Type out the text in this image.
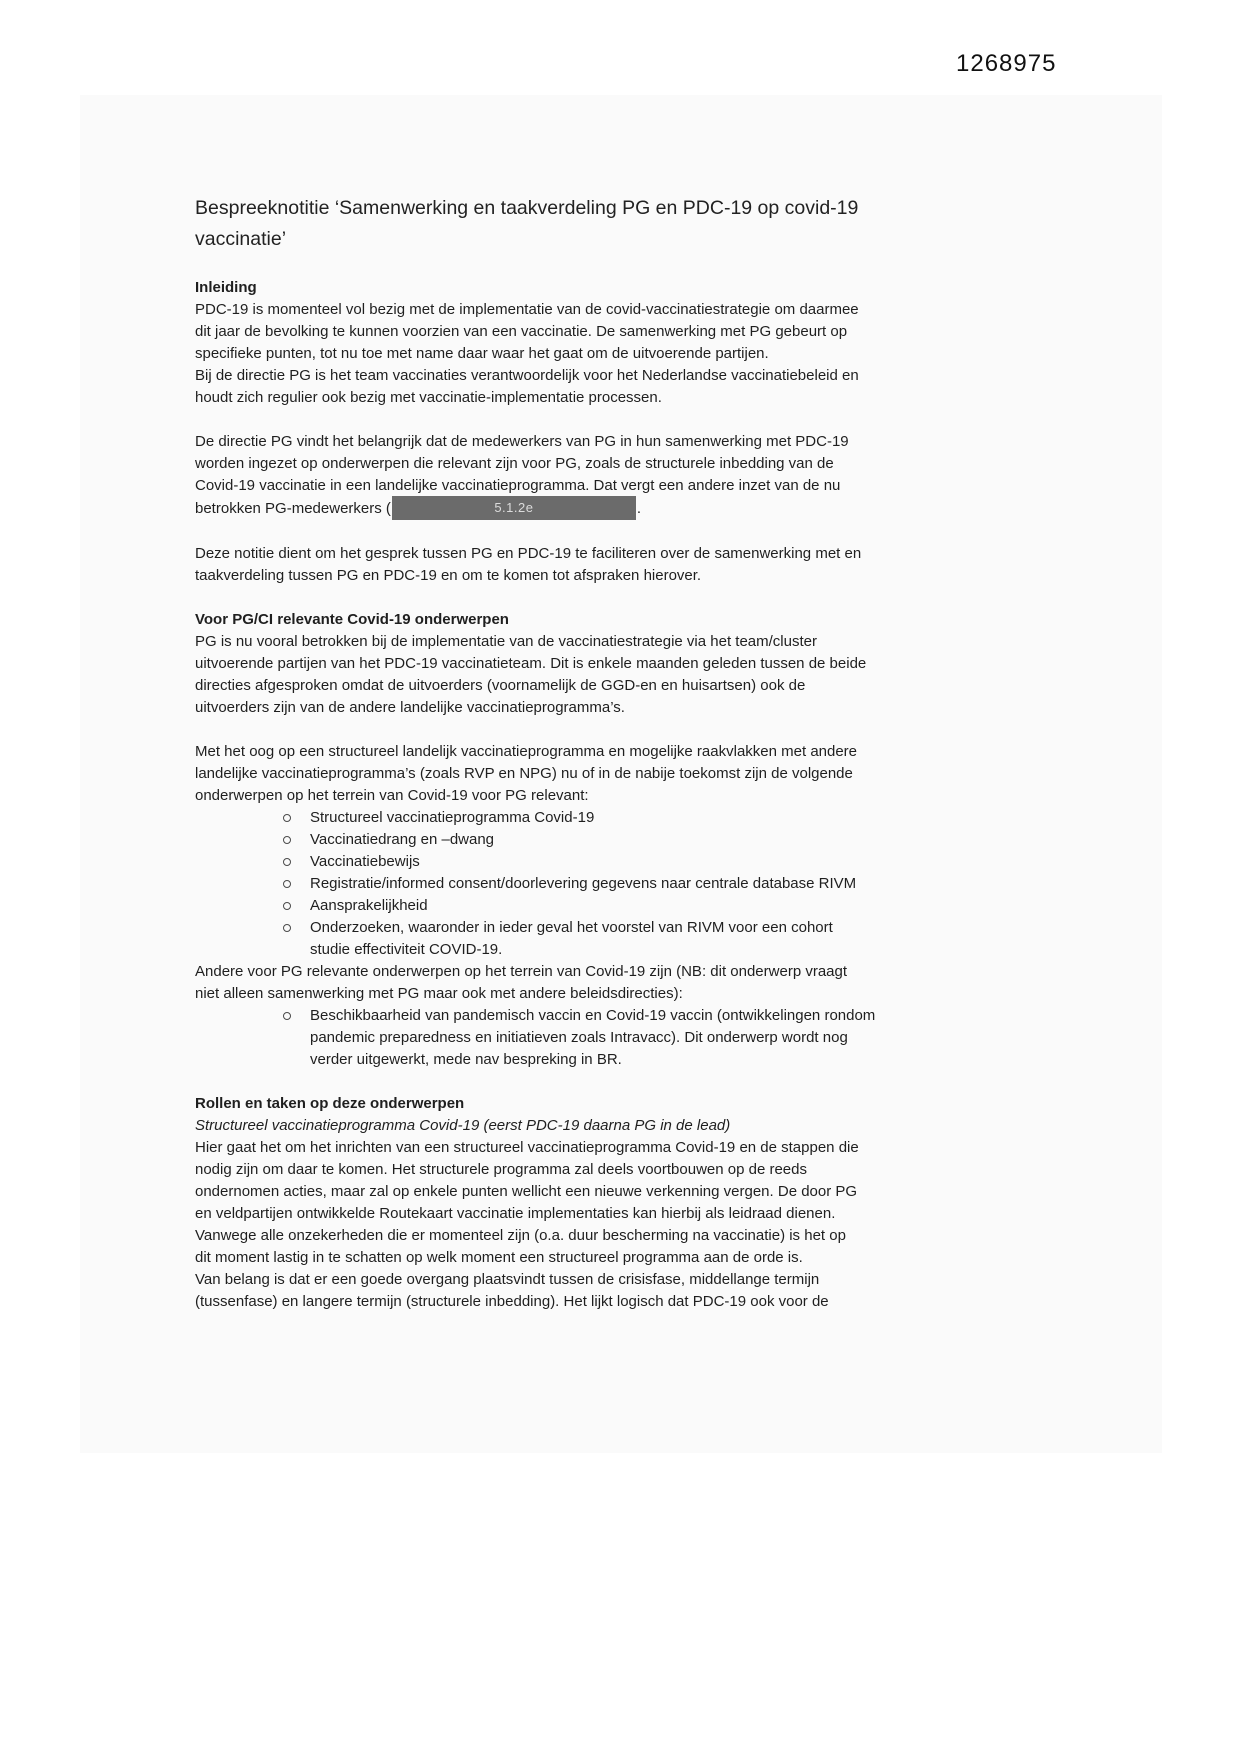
1268975
Bespreeknotitie ‘Samenwerking en taakverdeling PG en PDC-19 op covid-19
vaccinatie’
Inleiding
PDC-19 is momenteel vol bezig met de implementatie van de covid-vaccinatiestrategie om daarmee
dit jaar de bevolking te kunnen voorzien van een vaccinatie. De samenwerking met PG gebeurt op
specifieke punten, tot nu toe met name daar waar het gaat om de uitvoerende partijen.
Bij de directie PG is het team vaccinaties verantwoordelijk voor het Nederlandse vaccinatiebeleid en
houdt zich regulier ook bezig met vaccinatie-implementatie processen.
De directie PG vindt het belangrijk dat de medewerkers van PG in hun samenwerking met PDC-19
worden ingezet op onderwerpen die relevant zijn voor PG, zoals de structurele inbedding van de
Covid-19 vaccinatie in een landelijke vaccinatieprogramma. Dat vergt een andere inzet van de nu
betrokken PG-medewerkers (	5.1.2e	.
Deze notitie dient om het gesprek tussen PG en PDC-19 te faciliteren over de samenwerking met en
taakverdeling tussen PG en PDC-19 en om te komen tot afspraken hierover.
Voor PG/CI relevante Covid-19 onderwerpen
PG is nu vooral betrokken bij de implementatie van de vaccinatiestrategie via het team/cluster
uitvoerende partijen van het PDC-19 vaccinatieteam. Dit is enkele maanden geleden tussen de beide
directies afgesproken omdat de uitvoerders (voornamelijk de GGD-en en huisartsen) ook de
uitvoerders zijn van de andere landelijke vaccinatieprogramma’s.
Met het oog op een structureel landelijk vaccinatieprogramma en mogelijke raakvlakken met andere
landelijke vaccinatieprogramma’s (zoals RVP en NPG) nu of in de nabije toekomst zijn de volgende
onderwerpen op het terrein van Covid-19 voor PG relevant:
Structureel vaccinatieprogramma Covid-19
Vaccinatiedrang en –dwang
Vaccinatiebewijs
Registratie/informed consent/doorlevering gegevens naar centrale database RIVM
Aansprakelijkheid
Onderzoeken, waaronder in ieder geval het voorstel van RIVM voor een cohort
studie effectiviteit COVID-19.
Andere voor PG relevante onderwerpen op het terrein van Covid-19 zijn (NB: dit onderwerp vraagt
niet alleen samenwerking met PG maar ook met andere beleidsdirecties):
Beschikbaarheid van pandemisch vaccin en Covid-19 vaccin (ontwikkelingen rondom
pandemic preparedness en initiatieven zoals Intravacc). Dit onderwerp wordt nog
verder uitgewerkt, mede nav bespreking in BR.
Rollen en taken op deze onderwerpen
Structureel vaccinatieprogramma Covid-19 (eerst PDC-19 daarna PG in de lead)
Hier gaat het om het inrichten van een structureel vaccinatieprogramma Covid-19 en de stappen die
nodig zijn om daar te komen. Het structurele programma zal deels voortbouwen op de reeds
ondernomen acties, maar zal op enkele punten wellicht een nieuwe verkenning vergen. De door PG
en veldpartijen ontwikkelde Routekaart vaccinatie implementaties kan hierbij als leidraad dienen.
Vanwege alle onzekerheden die er momenteel zijn (o.a. duur bescherming na vaccinatie) is het op
dit moment lastig in te schatten op welk moment een structureel programma aan de orde is.
Van belang is dat er een goede overgang plaatsvindt tussen de crisisfase, middellange termijn
(tussenfase) en langere termijn (structurele inbedding). Het lijkt logisch dat PDC-19 ook voor de
